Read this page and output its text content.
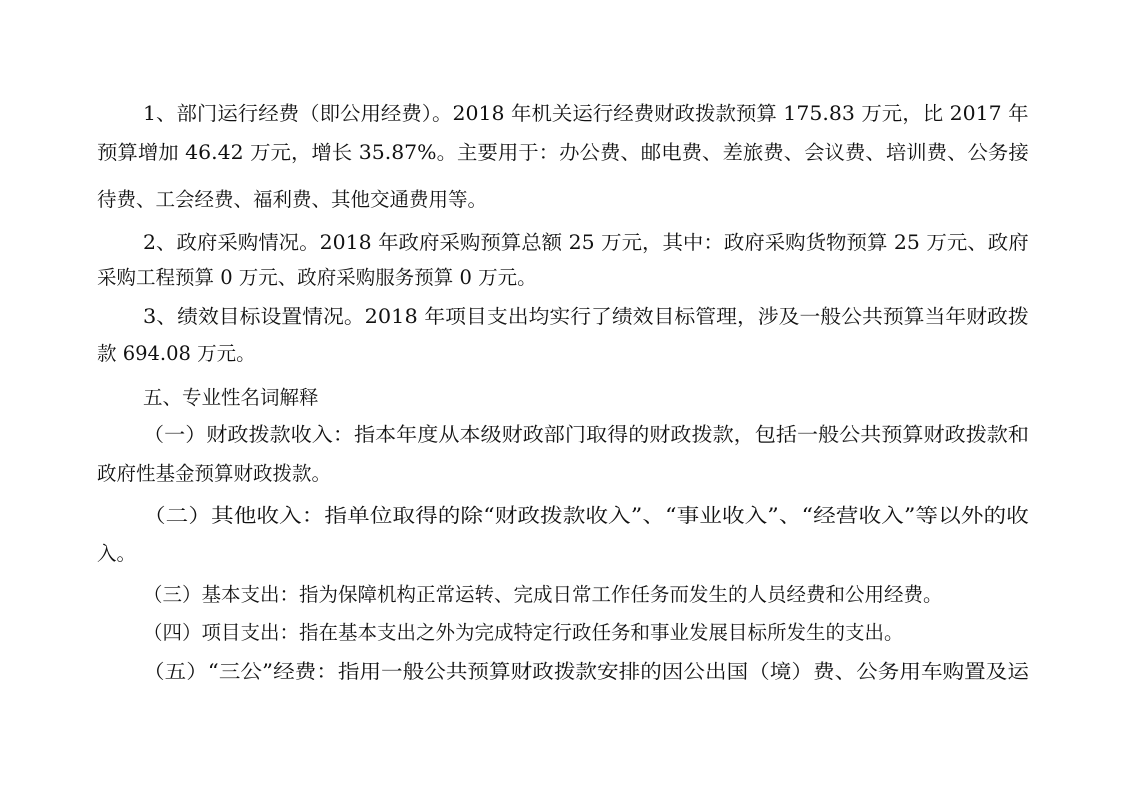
1、部门运行经费（即公用经费）。2018 年机关运行经费财政拨款预算 175.83 万元，比 2017 年
预算增加 46.42 万元，增长 35.87%。主要用于：办公费、邮电费、差旅费、会议费、培训费、公务接
待费、工会经费、福利费、其他交通费用等。
2、政府采购情况。2018 年政府采购预算总额 25 万元，其中：政府采购货物预算 25 万元、政府
采购工程预算 0 万元、政府采购服务预算 0 万元。
3、绩效目标设置情况。2018 年项目支出均实行了绩效目标管理，涉及一般公共预算当年财政拨
款 694.08 万元。
五、专业性名词解释
（一）财政拨款收入：指本年度从本级财政部门取得的财政拨款，包括一般公共预算财政拨款和
政府性基金预算财政拨款。
（二）其他收入：指单位取得的除“财政拨款收入”、“事业收入”、“经营收入”等以外的收
入。
（三）基本支出：指为保障机构正常运转、完成日常工作任务而发生的人员经费和公用经费。
（四）项目支出：指在基本支出之外为完成特定行政任务和事业发展目标所发生的支出。
（五）“三公”经费：指用一般公共预算财政拨款安排的因公出国（境）费、公务用车购置及运
